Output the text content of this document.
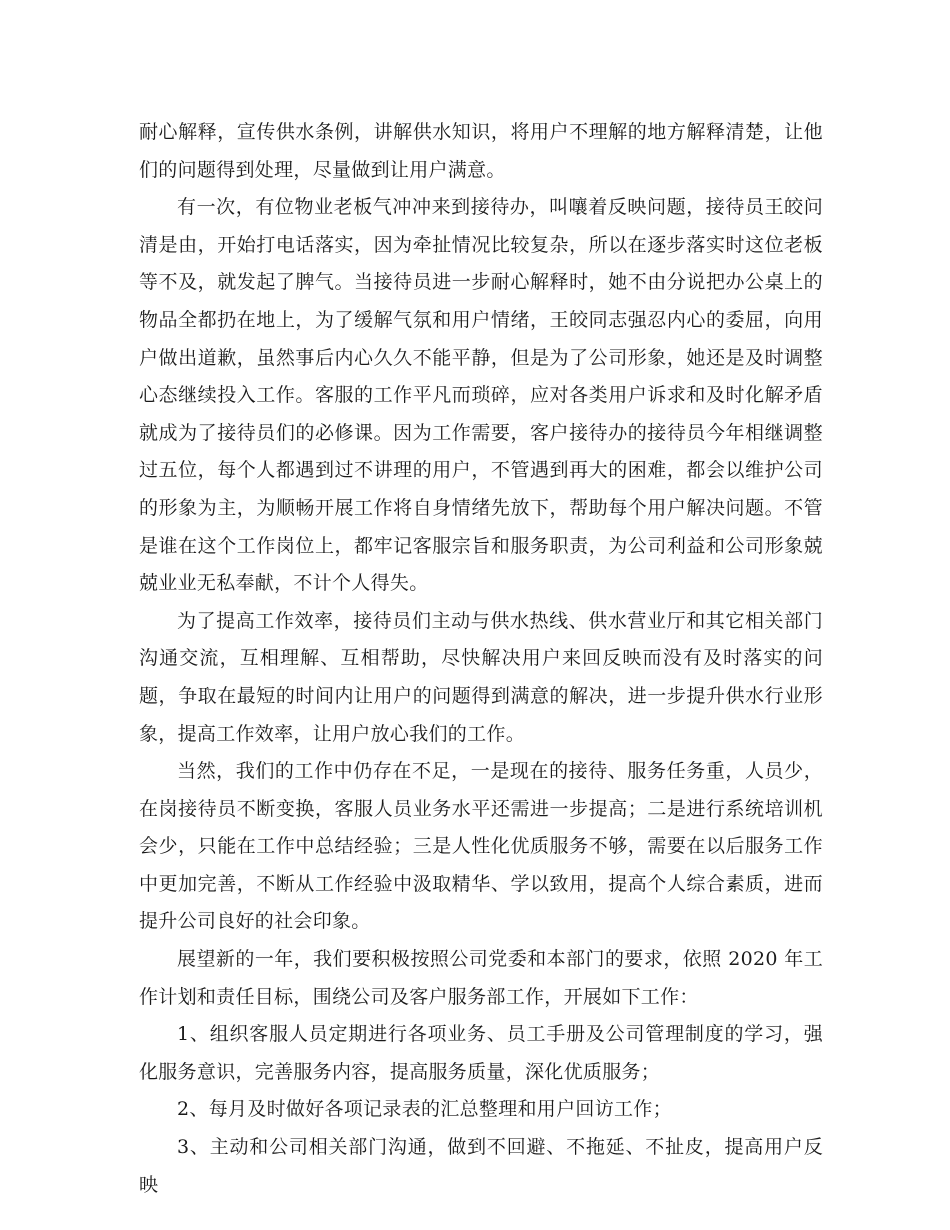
耐心解释，宣传供水条例，讲解供水知识，将用户不理解的地方解释清楚，让他们的问题得到处理，尽量做到让用户满意。

有一次，有位物业老板气冲冲来到接待办，叫嚷着反映问题，接待员王皎问清是由，开始打电话落实，因为牵扯情况比较复杂，所以在逐步落实时这位老板等不及，就发起了脾气。当接待员进一步耐心解释时，她不由分说把办公桌上的物品全都扔在地上，为了缓解气氛和用户情绪，王皎同志强忍内心的委屈，向用户做出道歉，虽然事后内心久久不能平静，但是为了公司形象，她还是及时调整心态继续投入工作。客服的工作平凡而琐碎，应对各类用户诉求和及时化解矛盾就成为了接待员们的必修课。因为工作需要，客户接待办的接待员今年相继调整过五位，每个人都遇到过不讲理的用户，不管遇到再大的困难，都会以维护公司的形象为主，为顺畅开展工作将自身情绪先放下，帮助每个用户解决问题。不管是谁在这个工作岗位上，都牢记客服宗旨和服务职责，为公司利益和公司形象兢兢业业无私奉献，不计个人得失。

为了提高工作效率，接待员们主动与供水热线、供水营业厅和其它相关部门沟通交流，互相理解、互相帮助，尽快解决用户来回反映而没有及时落实的问题，争取在最短的时间内让用户的问题得到满意的解决，进一步提升供水行业形象，提高工作效率，让用户放心我们的工作。

当然，我们的工作中仍存在不足，一是现在的接待、服务任务重，人员少，在岗接待员不断变换，客服人员业务水平还需进一步提高；二是进行系统培训机会少，只能在工作中总结经验；三是人性化优质服务不够，需要在以后服务工作中更加完善，不断从工作经验中汲取精华、学以致用，提高个人综合素质，进而提升公司良好的社会印象。

展望新的一年，我们要积极按照公司党委和本部门的要求，依照 2020 年工作计划和责任目标，围绕公司及客户服务部工作，开展如下工作：

1、组织客服人员定期进行各项业务、员工手册及公司管理制度的学习，强化服务意识，完善服务内容，提高服务质量，深化优质服务；

2、每月及时做好各项记录表的汇总整理和用户回访工作；

3、主动和公司相关部门沟通，做到不回避、不拖延、不扯皮，提高用户反映
